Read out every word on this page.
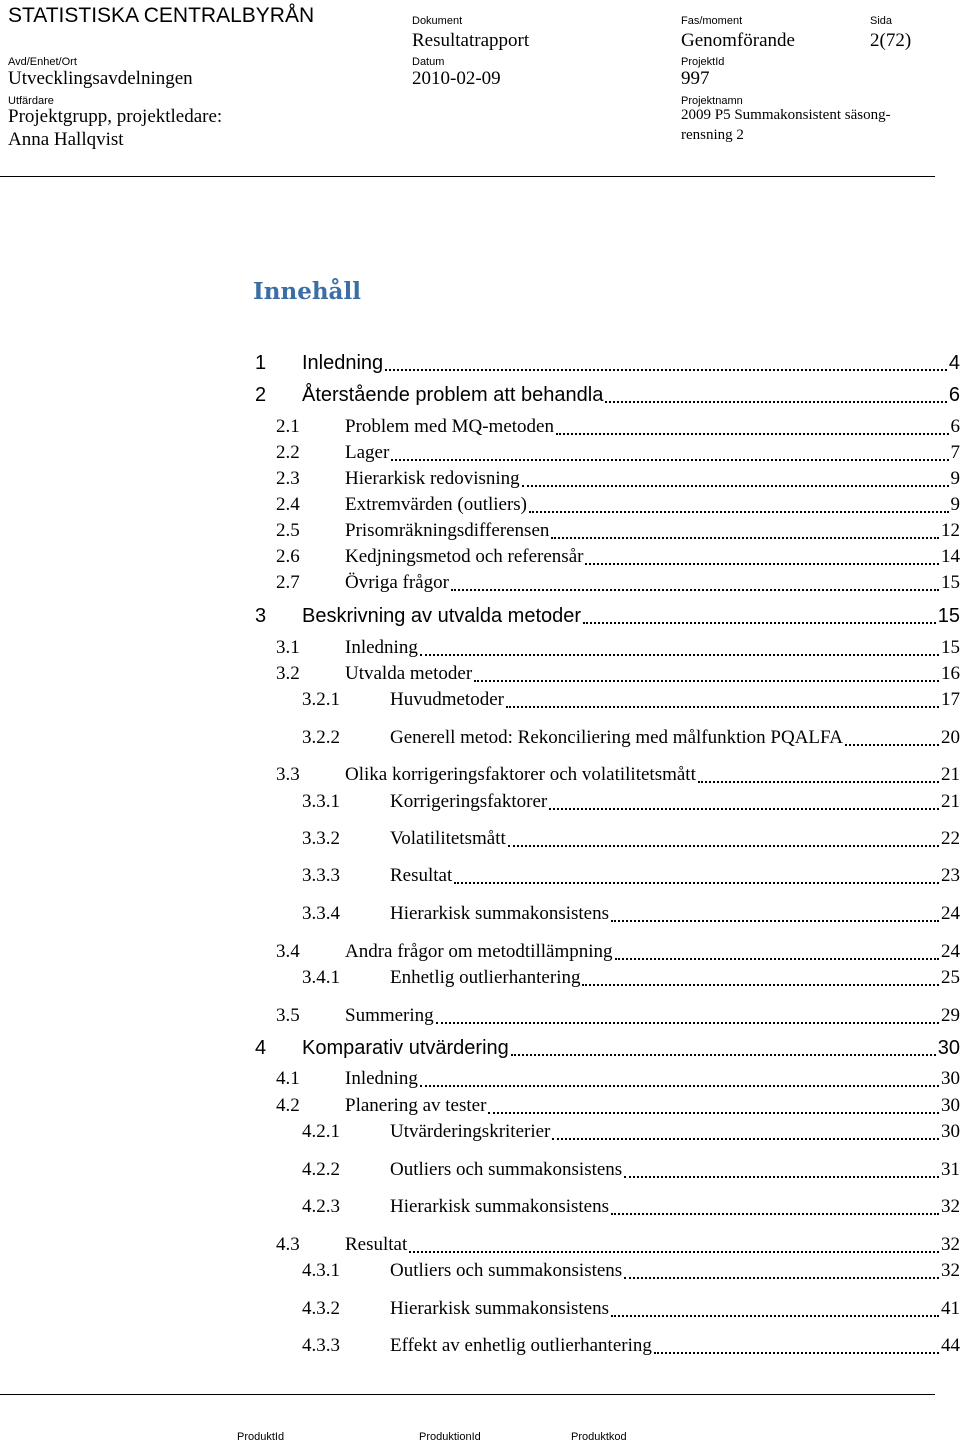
STATISTISKA CENTRALBYRÅN
Avd/Enhet/Ort
Utvecklingsavdelningen
Utfärdare
Projektgrupp, projektledare:
Anna Hallqvist
Dokument
Resultatrapport
Datum
2010-02-09
Fas/moment
Genomförande
ProjektId
997
Projektnamn
2009 P5 Summakonsistent säsong-
rensning 2
Sida
2(72)
Innehåll
1 Inledning	4
2 Återstående problem att behandla	6
2.1 Problem med MQ-metoden	6
2.2 Lager	7
2.3 Hierarkisk redovisning	9
2.4 Extremvärden (outliers)	9
2.5 Prisomräkningsdifferensen	12
2.6 Kedjningsmetod och referensår	14
2.7 Övriga frågor	15
3 Beskrivning av utvalda metoder	15
3.1 Inledning	15
3.2 Utvalda metoder	16
3.2.1	Huvudmetoder	17
3.2.2	Generell metod: Rekonciliering med målfunktion PQALFA	20
3.3 Olika korrigeringsfaktorer och volatilitetsmått	21
3.3.1	Korrigeringsfaktorer	21
3.3.2	Volatilitetsmått	22
3.3.3	Resultat	23
3.3.4	Hierarkisk summakonsistens	24
3.4 Andra frågor om metodtillämpning	24
3.4.1	Enhetlig outlierhantering	25
3.5 Summering	29
4 Komparativ utvärdering	30
4.1 Inledning	30
4.2 Planering av tester	30
4.2.1	Utvärderingskriterier	30
4.2.2	Outliers och summakonsistens	31
4.2.3	Hierarkisk summakonsistens	32
4.3 Resultat	32
4.3.1	Outliers och summakonsistens	32
4.3.2	Hierarkisk summakonsistens	41
4.3.3	Effekt av enhetlig outlierhantering	44
ProduktId	ProduktionId	Produktkod
